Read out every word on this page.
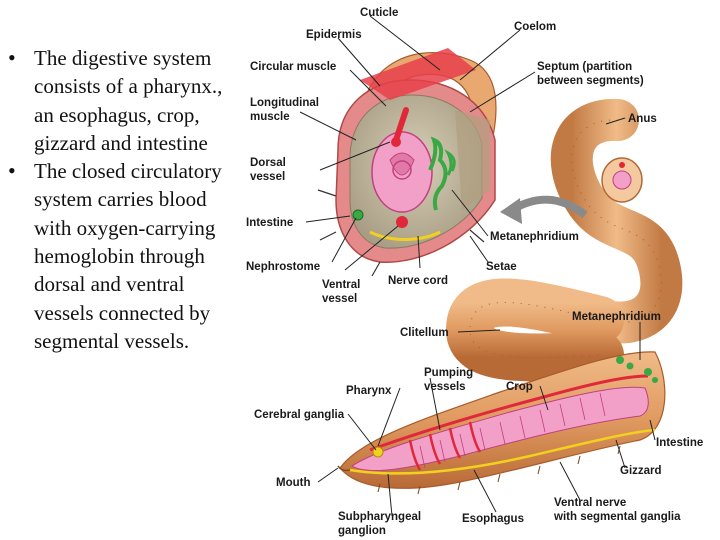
• The digestive system consists of a pharynx., an esophagus, crop, gizzard and intestine
• The closed circulatory system carries blood with oxygen-carrying hemoglobin through dorsal and ventral vessels connected by segmental vessels.
Cuticle
Epidermis
Coelom
Circular muscle	Septum (partition
between segments)
Longitudinal
muscle	Anus
Dorsal
vessel
Intestine
Metanephridium
Nephrostome	Setae
Nerve cord
Ventral
vessel
Clitellum
Metanephridium
Pumping
vessels
Pharynx	Crop
Cerebral ganglia
Intestine
Mouth
Gizzard
Subpharyngeal
ganglion
Esophagus
Ventral nerve
with segmental ganglia
